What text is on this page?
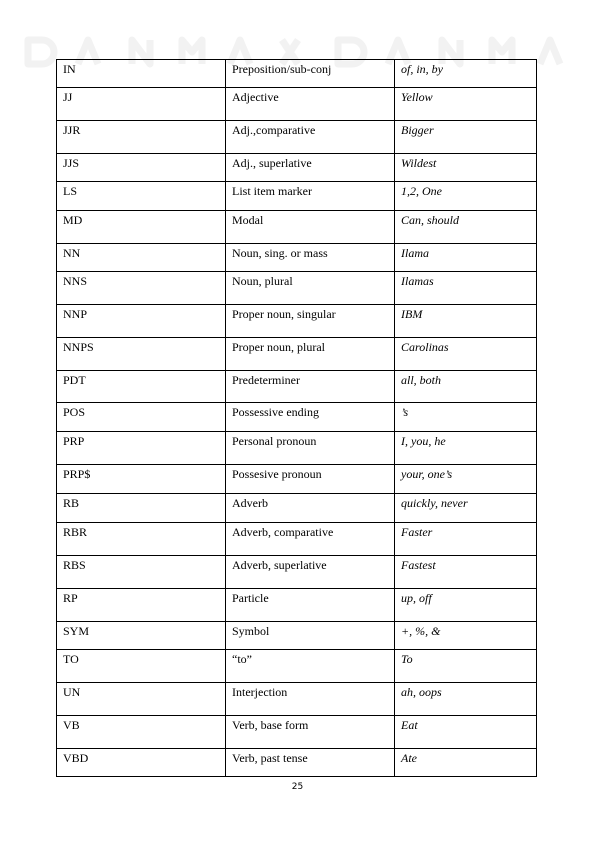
IN	Preposition/sub-conj	of, in, by
JJ	Adjective	Yellow
JJR	Adj.,comparative	Bigger
JJS	Adj., superlative	Wildest
LS	List item marker	1,2, One
MD	Modal	Can, should
NN	Noun, sing. or mass	Ilama
NNS	Noun, plural	Ilamas
NNP	Proper noun, singular	IBM
NNPS	Proper noun, plural	Carolinas
PDT	Predeterminer	all, both
POS	Possessive ending	’s
PRP	Personal pronoun	I, you, he
PRP$	Possesive pronoun	your, one’s
RB	Adverb	quickly, never
RBR	Adverb, comparative	Faster
RBS	Adverb, superlative	Fastest
RP	Particle	up, off
SYM	Symbol	+, %, &
TO	“to”	To
UN	Interjection	ah, oops
VB	Verb, base form	Eat
VBD	Verb, past tense	Ate
25
